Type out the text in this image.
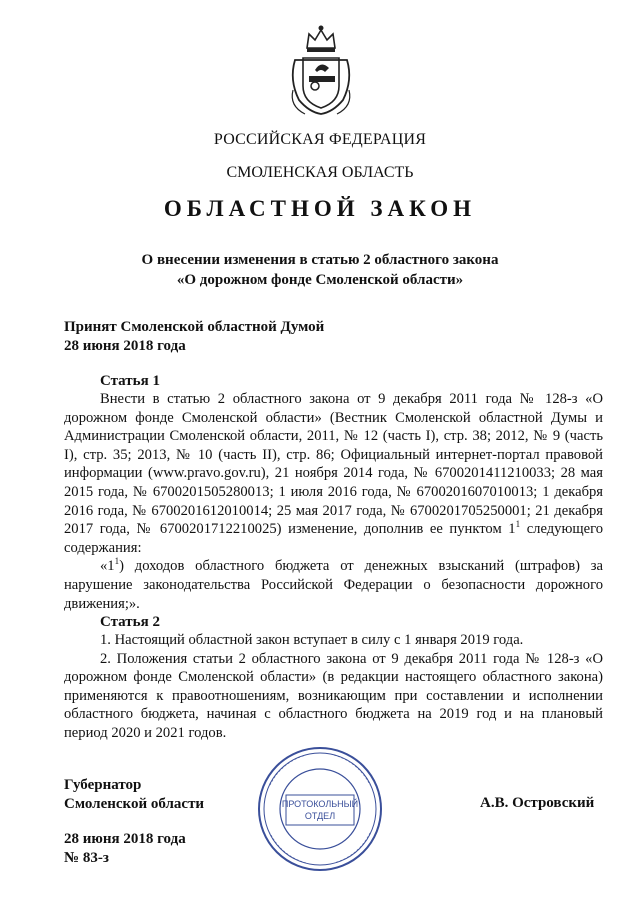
РОССИЙСКАЯ ФЕДЕРАЦИЯ
СМОЛЕНСКАЯ ОБЛАСТЬ
ОБЛАСТНОЙ ЗАКОН
О внесении изменения в статью 2 областного закона
«О дорожном фонде Смоленской области»
Принят Смоленской областной Думой
28 июня 2018 года
Статья 1

Внести в статью 2 областного закона от 9 декабря 2011 года № 128-з «О дорожном фонде Смоленской области» (Вестник Смоленской областной Думы и Администрации Смоленской области, 2011, № 12 (часть I), стр. 38; 2012, № 9 (часть I), стр. 35; 2013, № 10 (часть II), стр. 86; Официальный интернет-портал правовой информации (www.pravo.gov.ru), 21 ноября 2014 года, № 6700201411210033; 28 мая 2015 года, № 6700201505280013; 1 июля 2016 года, № 6700201607010013; 1 декабря 2016 года, № 6700201612010014; 25 мая 2017 года, № 6700201705250001; 21 декабря 2017 года, № 6700201712210025) изменение, дополнив ее пунктом $1^1$ следующего содержания:

«$1^1$) доходов областного бюджета от денежных взысканий (штрафов) за нарушение законодательства Российской Федерации о безопасности дорожного движения;».

Статья 2

1. Настоящий областной закон вступает в силу с 1 января 2019 года.

2. Положения статьи 2 областного закона от 9 декабря 2011 года № 128-з «О дорожном фонде Смоленской области» (в редакции настоящего областного закона) применяются к правоотношениям, возникающим при составлении и исполнении областного бюджета, начиная с областного бюджета на 2019 год и на плановый период 2020 и 2021 годов.

Губернатор
Смоленской области	А.В. Островский
ПРОТОКОЛЬНЫЙ
ОТДЕЛ
28 июня 2018 года
№ 83-з
